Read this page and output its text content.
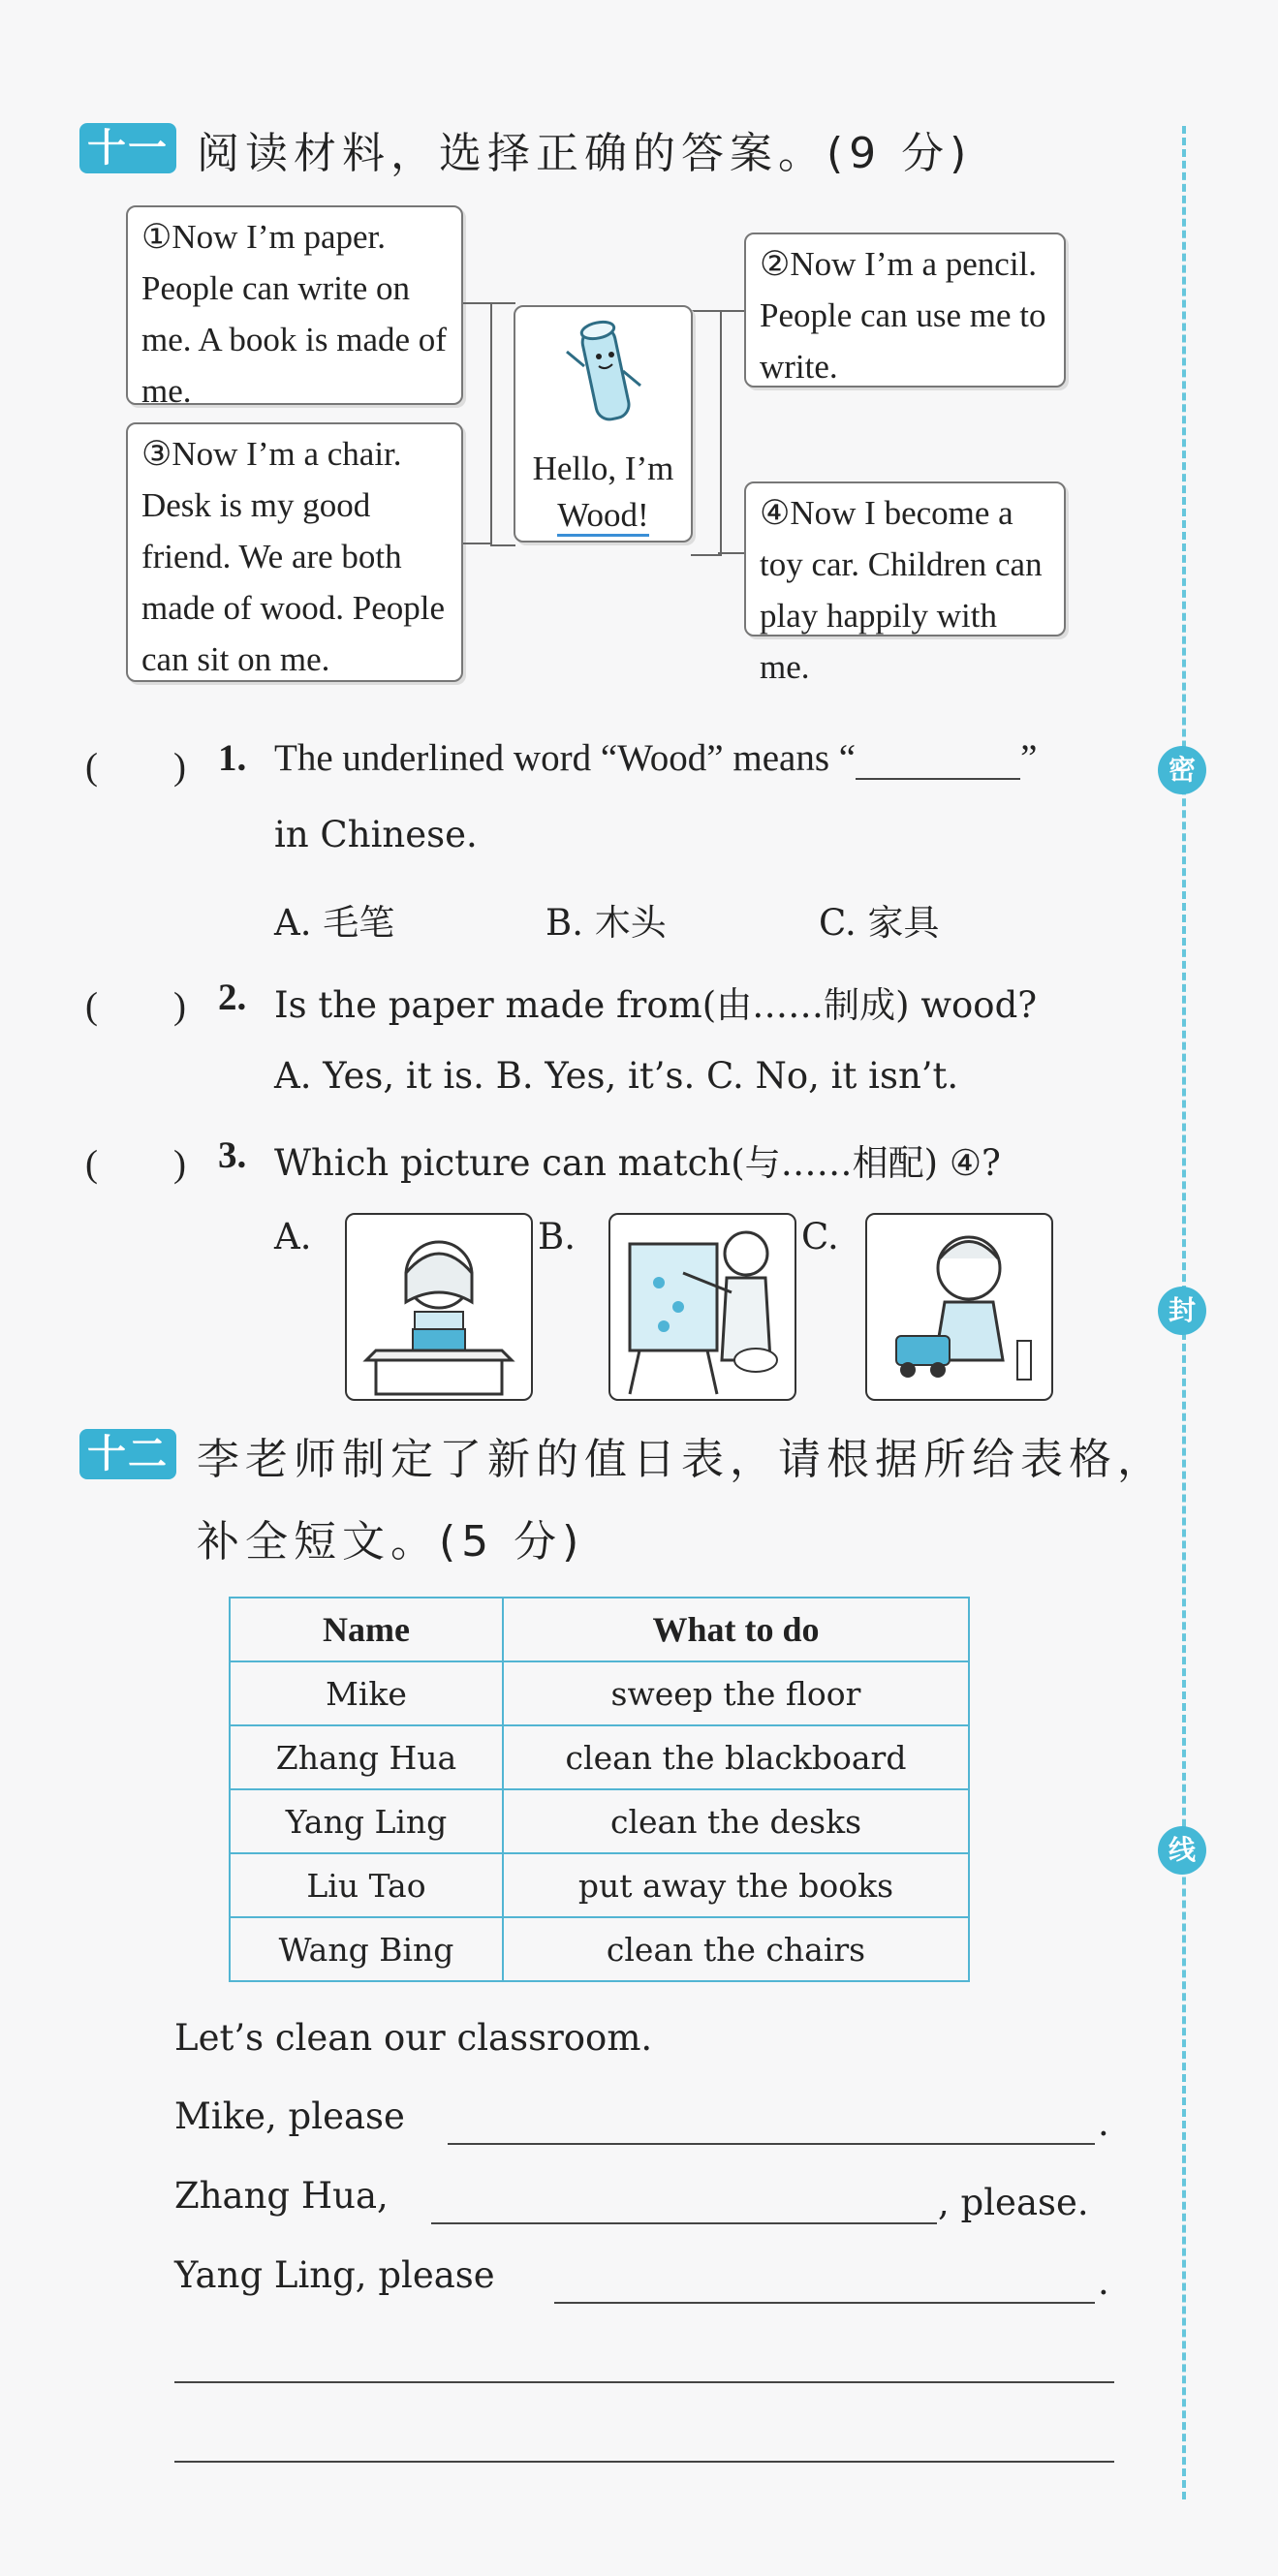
密
封
线
十一 阅读材料，选择正确的答案。(9 分)
①Now I’m paper. People can write on me. A book is made of me.
②Now I’m a pencil. People can use me to write.
③Now I’m a chair. Desk is my good friend. We are both made of wood. People can sit on me.
④Now I become a toy car. Children can play happily with me.
Hello, I’m
Wood!
(　　) 1. The underlined word “Wood” means “	”
in Chinese.
A. 毛笔	B. 木头	C. 家具
(　　) 2. Is the paper made from(由……制成) wood?
A. Yes, it is. B. Yes, it’s. C. No, it isn’t.
(　　) 3. Which picture can match(与……相配) ④?
A.	B.	C.
十二 李老师制定了新的值日表，请根据所给表格，
补全短文。(5 分)
Name	What to do
Mike	sweep the floor
Zhang Hua	clean the blackboard
Yang Ling	clean the desks
Liu Tao	put away the books
Wang Bing	clean the chairs
Let’s clean our classroom.
Mike, please	.
Zhang Hua,	, please.
Yang Ling, please	.
